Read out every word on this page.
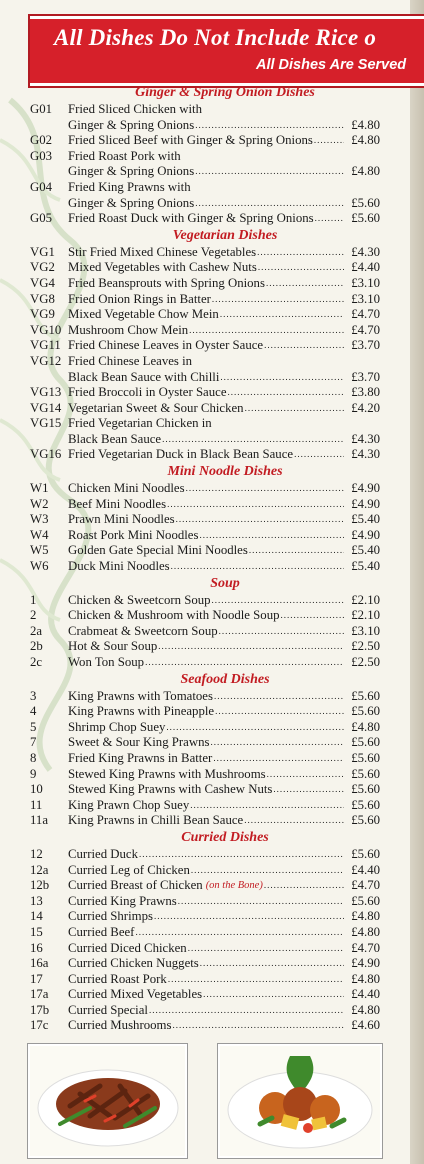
All Dishes Do Not Include Rice o
All Dishes Are Served
Ginger & Spring Onion Dishes
G01	Fried Sliced Chicken with
Ginger & Spring Onions .....	£4.80
G02	Fried Sliced Beef with Ginger & Spring Onions .....	£4.80
G03	Fried Roast Pork with
Ginger & Spring Onions .....	£4.80
G04	Fried King Prawns with
Ginger & Spring Onions .....	£5.60
G05	Fried Roast Duck with Ginger & Spring Onions .....	£5.60
Vegetarian Dishes
VG1	Stir Fried Mixed Chinese Vegetables .....	£4.30
VG2	Mixed Vegetables with Cashew Nuts .....	£4.40
VG4	Fried Beansprouts with Spring Onions .....	£3.10
VG8	Fried Onion Rings in Batter .....	£3.10
VG9	Mixed Vegetable Chow Mein .....	£4.70
VG10 Mushroom Chow Mein .....	£4.70
VG11 Fried Chinese Leaves in Oyster Sauce .....	£3.70
VG12 Fried Chinese Leaves in
Black Bean Sauce with Chilli .....	£3.70
VG13 Fried Broccoli in Oyster Sauce .....	£3.80
VG14 Vegetarian Sweet & Sour Chicken .....	£4.20
VG15 Fried Vegetarian Chicken in
Black Bean Sauce .....	£4.30
VG16 Fried Vegetarian Duck in Black Bean Sauce .....	£4.30
Mini Noodle Dishes
W1	Chicken Mini Noodles .....	£4.90
W2	Beef Mini Noodles .....	£4.90
W3	Prawn Mini Noodles .....	£5.40
W4	Roast Pork Mini Noodles .....	£4.90
W5	Golden Gate Special Mini Noodles .....	£5.40
W6	Duck Mini Noodles .....	£5.40
Soup
1	Chicken & Sweetcorn Soup .....	£2.10
2	Chicken & Mushroom with Noodle Soup .....	£2.10
2a	Crabmeat & Sweetcorn Soup .....	£3.10
2b	Hot & Sour Soup .....	£2.50
2c	Won Ton Soup .....	£2.50
Seafood Dishes
3	King Prawns with Tomatoes .....	£5.60
4	King Prawns with Pineapple .....	£5.60
5	Shrimp Chop Suey .....	£4.80
7	Sweet & Sour King Prawns .....	£5.60
8	Fried King Prawns in Batter .....	£5.60
9	Stewed King Prawns with Mushrooms .....	£5.60
10	Stewed King Prawns with Cashew Nuts .....	£5.60
11	King Prawn Chop Suey .....	£5.60
11a	King Prawns in Chilli Bean Sauce .....	£5.60
Curried Dishes
12	Curried Duck .....	£5.60
12a	Curried Leg of Chicken .....	£4.40
12b	Curried Breast of Chicken (on the Bone) .....	£4.70
13	Curried King Prawns .....	£5.60
14	Curried Shrimps .....	£4.80
15	Curried Beef .....	£4.80
16	Curried Diced Chicken .....	£4.70
16a	Curried Chicken Nuggets .....	£4.90
17	Curried Roast Pork .....	£4.80
17a	Curried Mixed Vegetables .....	£4.40
17b	Curried Special .....	£4.80
17c	Curried Mushrooms .....	£4.60
